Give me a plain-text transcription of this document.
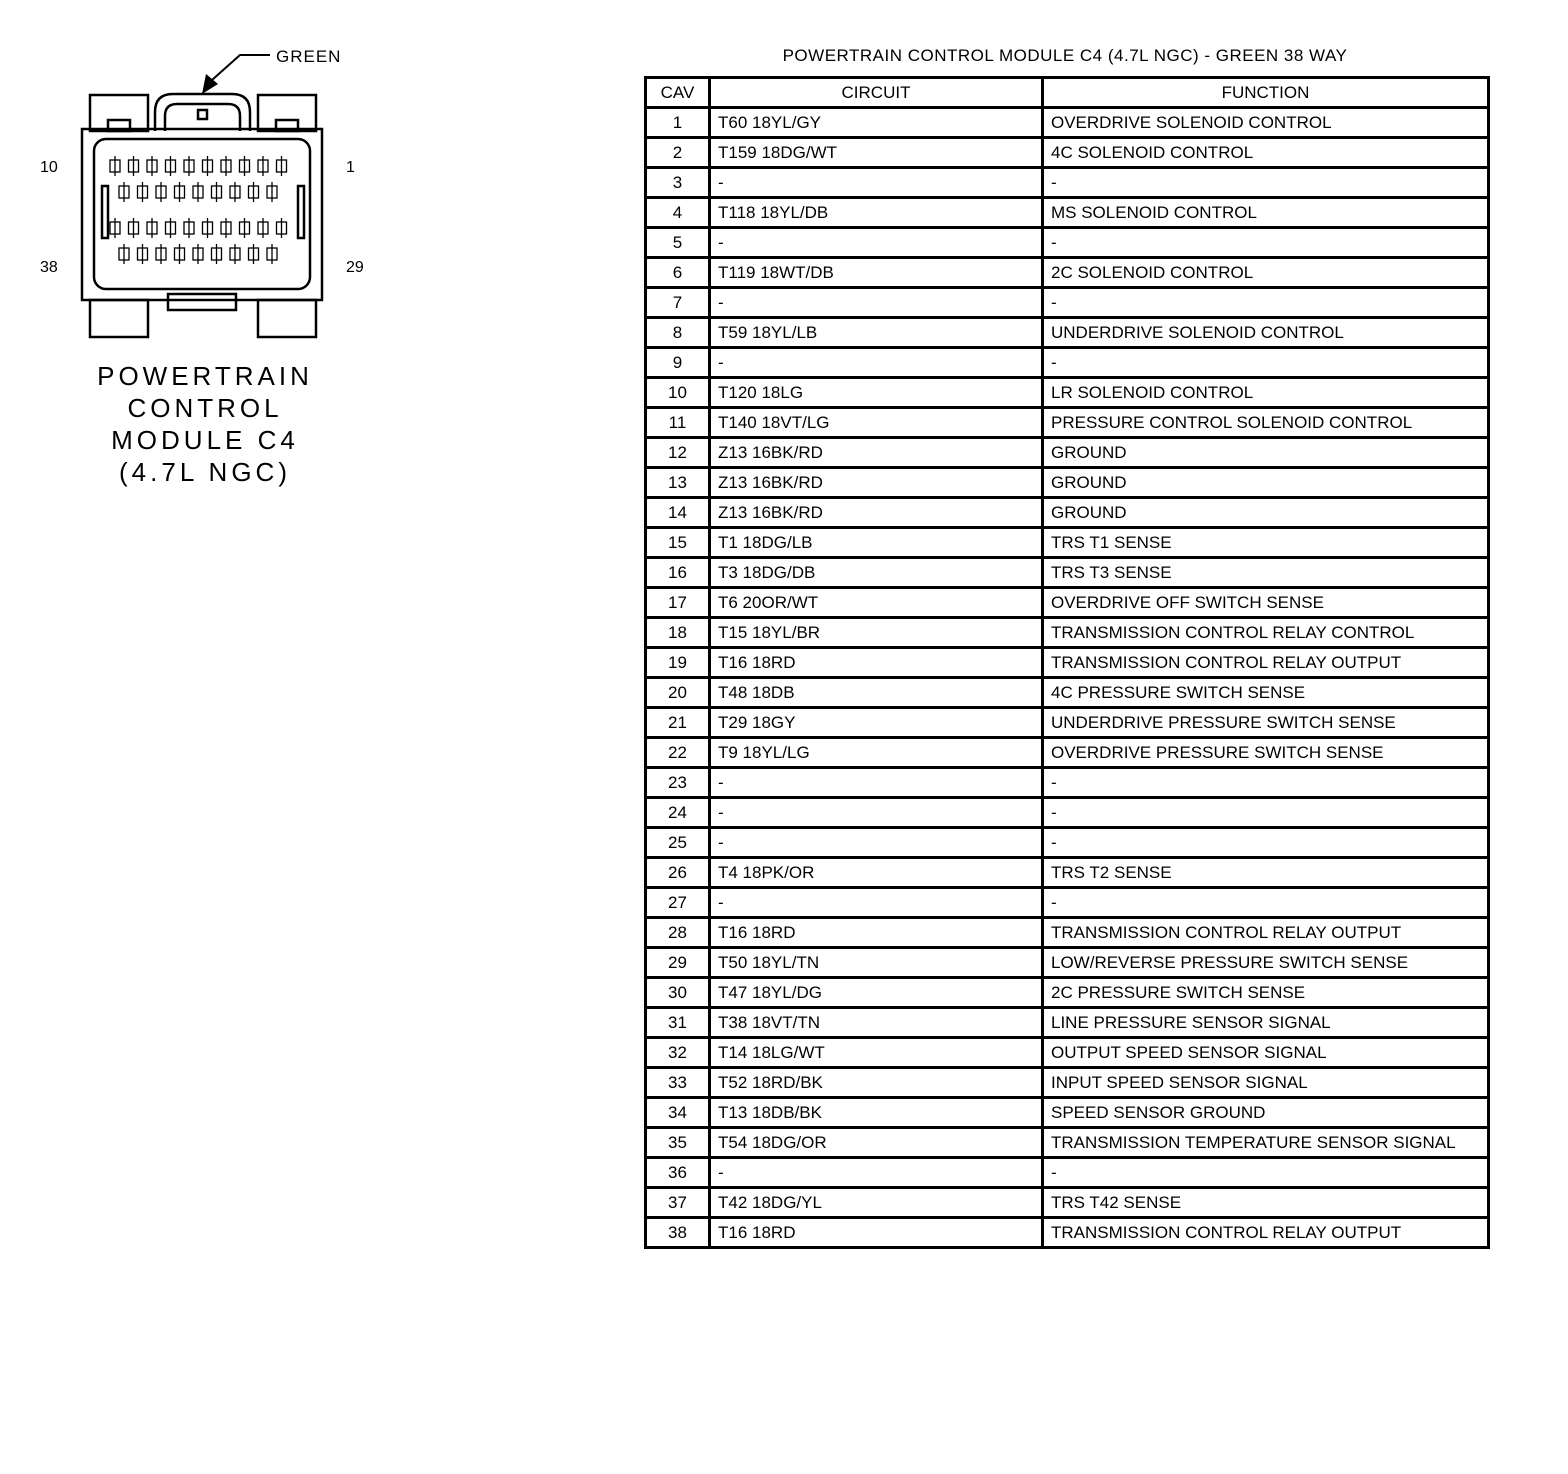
GREEN
10	1
38	29
POWERTRAIN
CONTROL
MODULE C4
(4.7L NGC)
POWERTRAIN CONTROL MODULE C4 (4.7L NGC) - GREEN 38 WAY
CAV	CIRCUIT	FUNCTION
1	T60 18YL/GY	OVERDRIVE SOLENOID CONTROL
2	T159 18DG/WT	4C SOLENOID CONTROL
3	-	-
4	T118 18YL/DB	MS SOLENOID CONTROL
5	-	-
6	T119 18WT/DB	2C SOLENOID CONTROL
7	-	-
8	T59 18YL/LB	UNDERDRIVE SOLENOID CONTROL
9	-	-
10	T120 18LG	LR SOLENOID CONTROL
11	T140 18VT/LG	PRESSURE CONTROL SOLENOID CONTROL
12	Z13 16BK/RD	GROUND
13	Z13 16BK/RD	GROUND
14	Z13 16BK/RD	GROUND
15	T1 18DG/LB	TRS T1 SENSE
16	T3 18DG/DB	TRS T3 SENSE
17	T6 20OR/WT	OVERDRIVE OFF SWITCH SENSE
18	T15 18YL/BR	TRANSMISSION CONTROL RELAY CONTROL
19	T16 18RD	TRANSMISSION CONTROL RELAY OUTPUT
20	T48 18DB	4C PRESSURE SWITCH SENSE
21	T29 18GY	UNDERDRIVE PRESSURE SWITCH SENSE
22	T9 18YL/LG	OVERDRIVE PRESSURE SWITCH SENSE
23	-	-
24	-	-
25	-	-
26	T4 18PK/OR	TRS T2 SENSE
27	-	-
28	T16 18RD	TRANSMISSION CONTROL RELAY OUTPUT
29	T50 18YL/TN	LOW/REVERSE PRESSURE SWITCH SENSE
30	T47 18YL/DG	2C PRESSURE SWITCH SENSE
31	T38 18VT/TN	LINE PRESSURE SENSOR SIGNAL
32	T14 18LG/WT	OUTPUT SPEED SENSOR SIGNAL
33	T52 18RD/BK	INPUT SPEED SENSOR SIGNAL
34	T13 18DB/BK	SPEED SENSOR GROUND
35	T54 18DG/OR	TRANSMISSION TEMPERATURE SENSOR SIGNAL
36	-	-
37	T42 18DG/YL	TRS T42 SENSE
38	T16 18RD	TRANSMISSION CONTROL RELAY OUTPUT
